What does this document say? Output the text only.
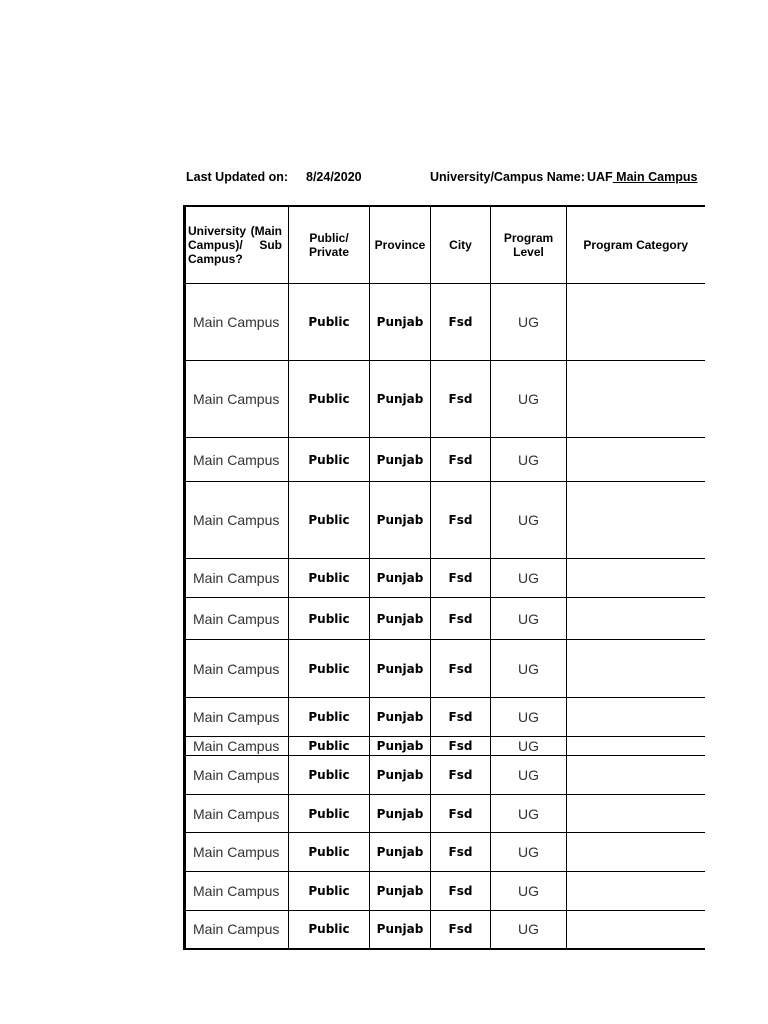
Last Updated on: 8/24/2020	University/Campus Name: UAF Main Campus
University (Main Campus)/ Sub Campus?	Public/ Private	Province	City	Program Level	Program Category
Main Campus	Public	Punjab	Fsd	UG	
Main Campus	Public	Punjab	Fsd	UG	
Main Campus	Public	Punjab	Fsd	UG	
Main Campus	Public	Punjab	Fsd	UG	
Main Campus	Public	Punjab	Fsd	UG	
Main Campus	Public	Punjab	Fsd	UG	
Main Campus	Public	Punjab	Fsd	UG	
Main Campus	Public	Punjab	Fsd	UG	
Main Campus	Public	Punjab	Fsd	UG	
Main Campus	Public	Punjab	Fsd	UG	
Main Campus	Public	Punjab	Fsd	UG	
Main Campus	Public	Punjab	Fsd	UG	
Main Campus	Public	Punjab	Fsd	UG	
Main Campus	Public	Punjab	Fsd	UG	
